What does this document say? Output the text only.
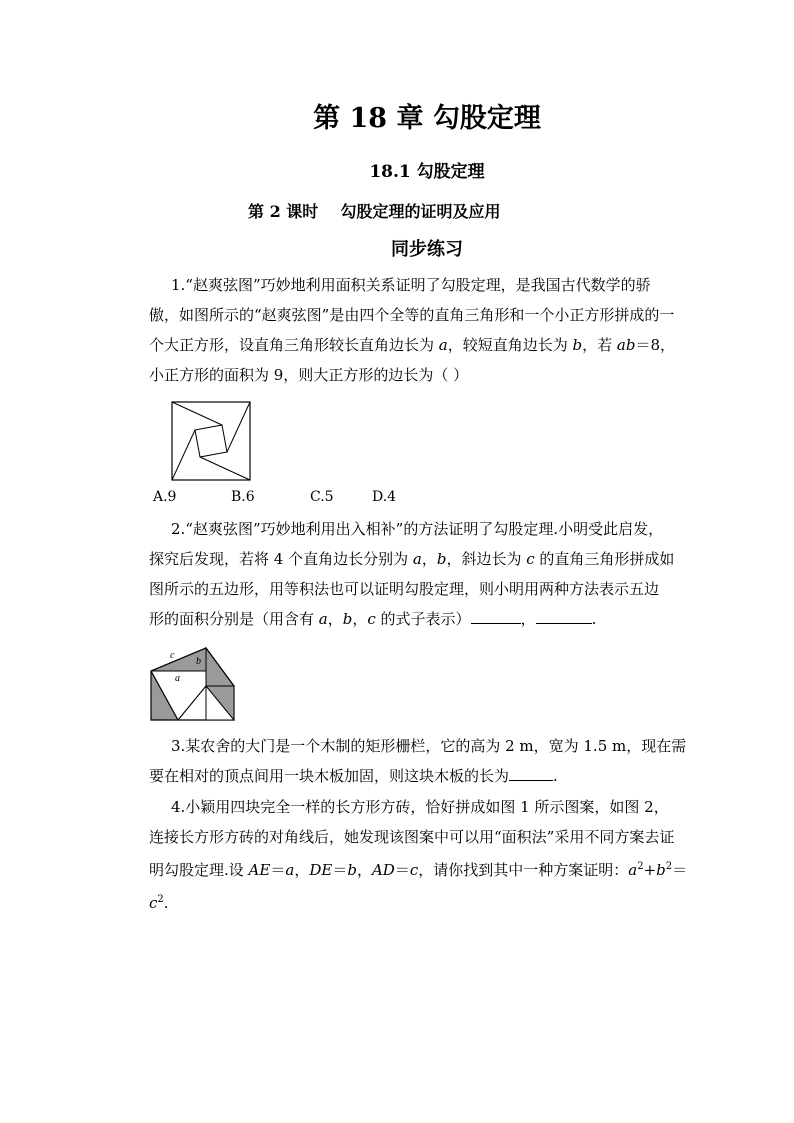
第 18 章 勾股定理
18.1 勾股定理
第 2 课时    勾股定理的证明及应用
同步练习
1.“赵爽弦图”巧妙地利用面积关系证明了勾股定理，是我国古代数学的骄
傲，如图所示的“赵爽弦图”是由四个全等的直角三角形和一个小正方形拼成的一
个大正方形，设直角三角形较长直角边长为 a，较短直角边长为 b，若 ab＝8，
小正方形的面积为 9，则大正方形的边长为（ ）
A.9	B.6	C.5	D.4
2.“赵爽弦图”巧妙地利用出入相补”的方法证明了勾股定理.小明受此启发，
探究后发现，若将 4 个直角边长分别为 a，b，斜边长为 c 的直角三角形拼成如
图所示的五边形，用等积法也可以证明勾股定理，则小明用两种方法表示五边
形的面积分别是（用含有 a，b，c 的式子表示）	，	.
c
b
a
3.某农舍的大门是一个木制的矩形栅栏，它的高为 2 m，宽为 1.5 m，现在需
要在相对的顶点间用一块木板加固，则这块木板的长为	.
4.小颖用四块完全一样的长方形方砖，恰好拼成如图 1 所示图案，如图 2，
连接长方形方砖的对角线后，她发现该图案中可以用“面积法”采用不同方案去证
明勾股定理.设 AE＝a，DE＝b，AD＝c，请你找到其中一种方案证明：$a^2+b^2=$
$c^2$.
